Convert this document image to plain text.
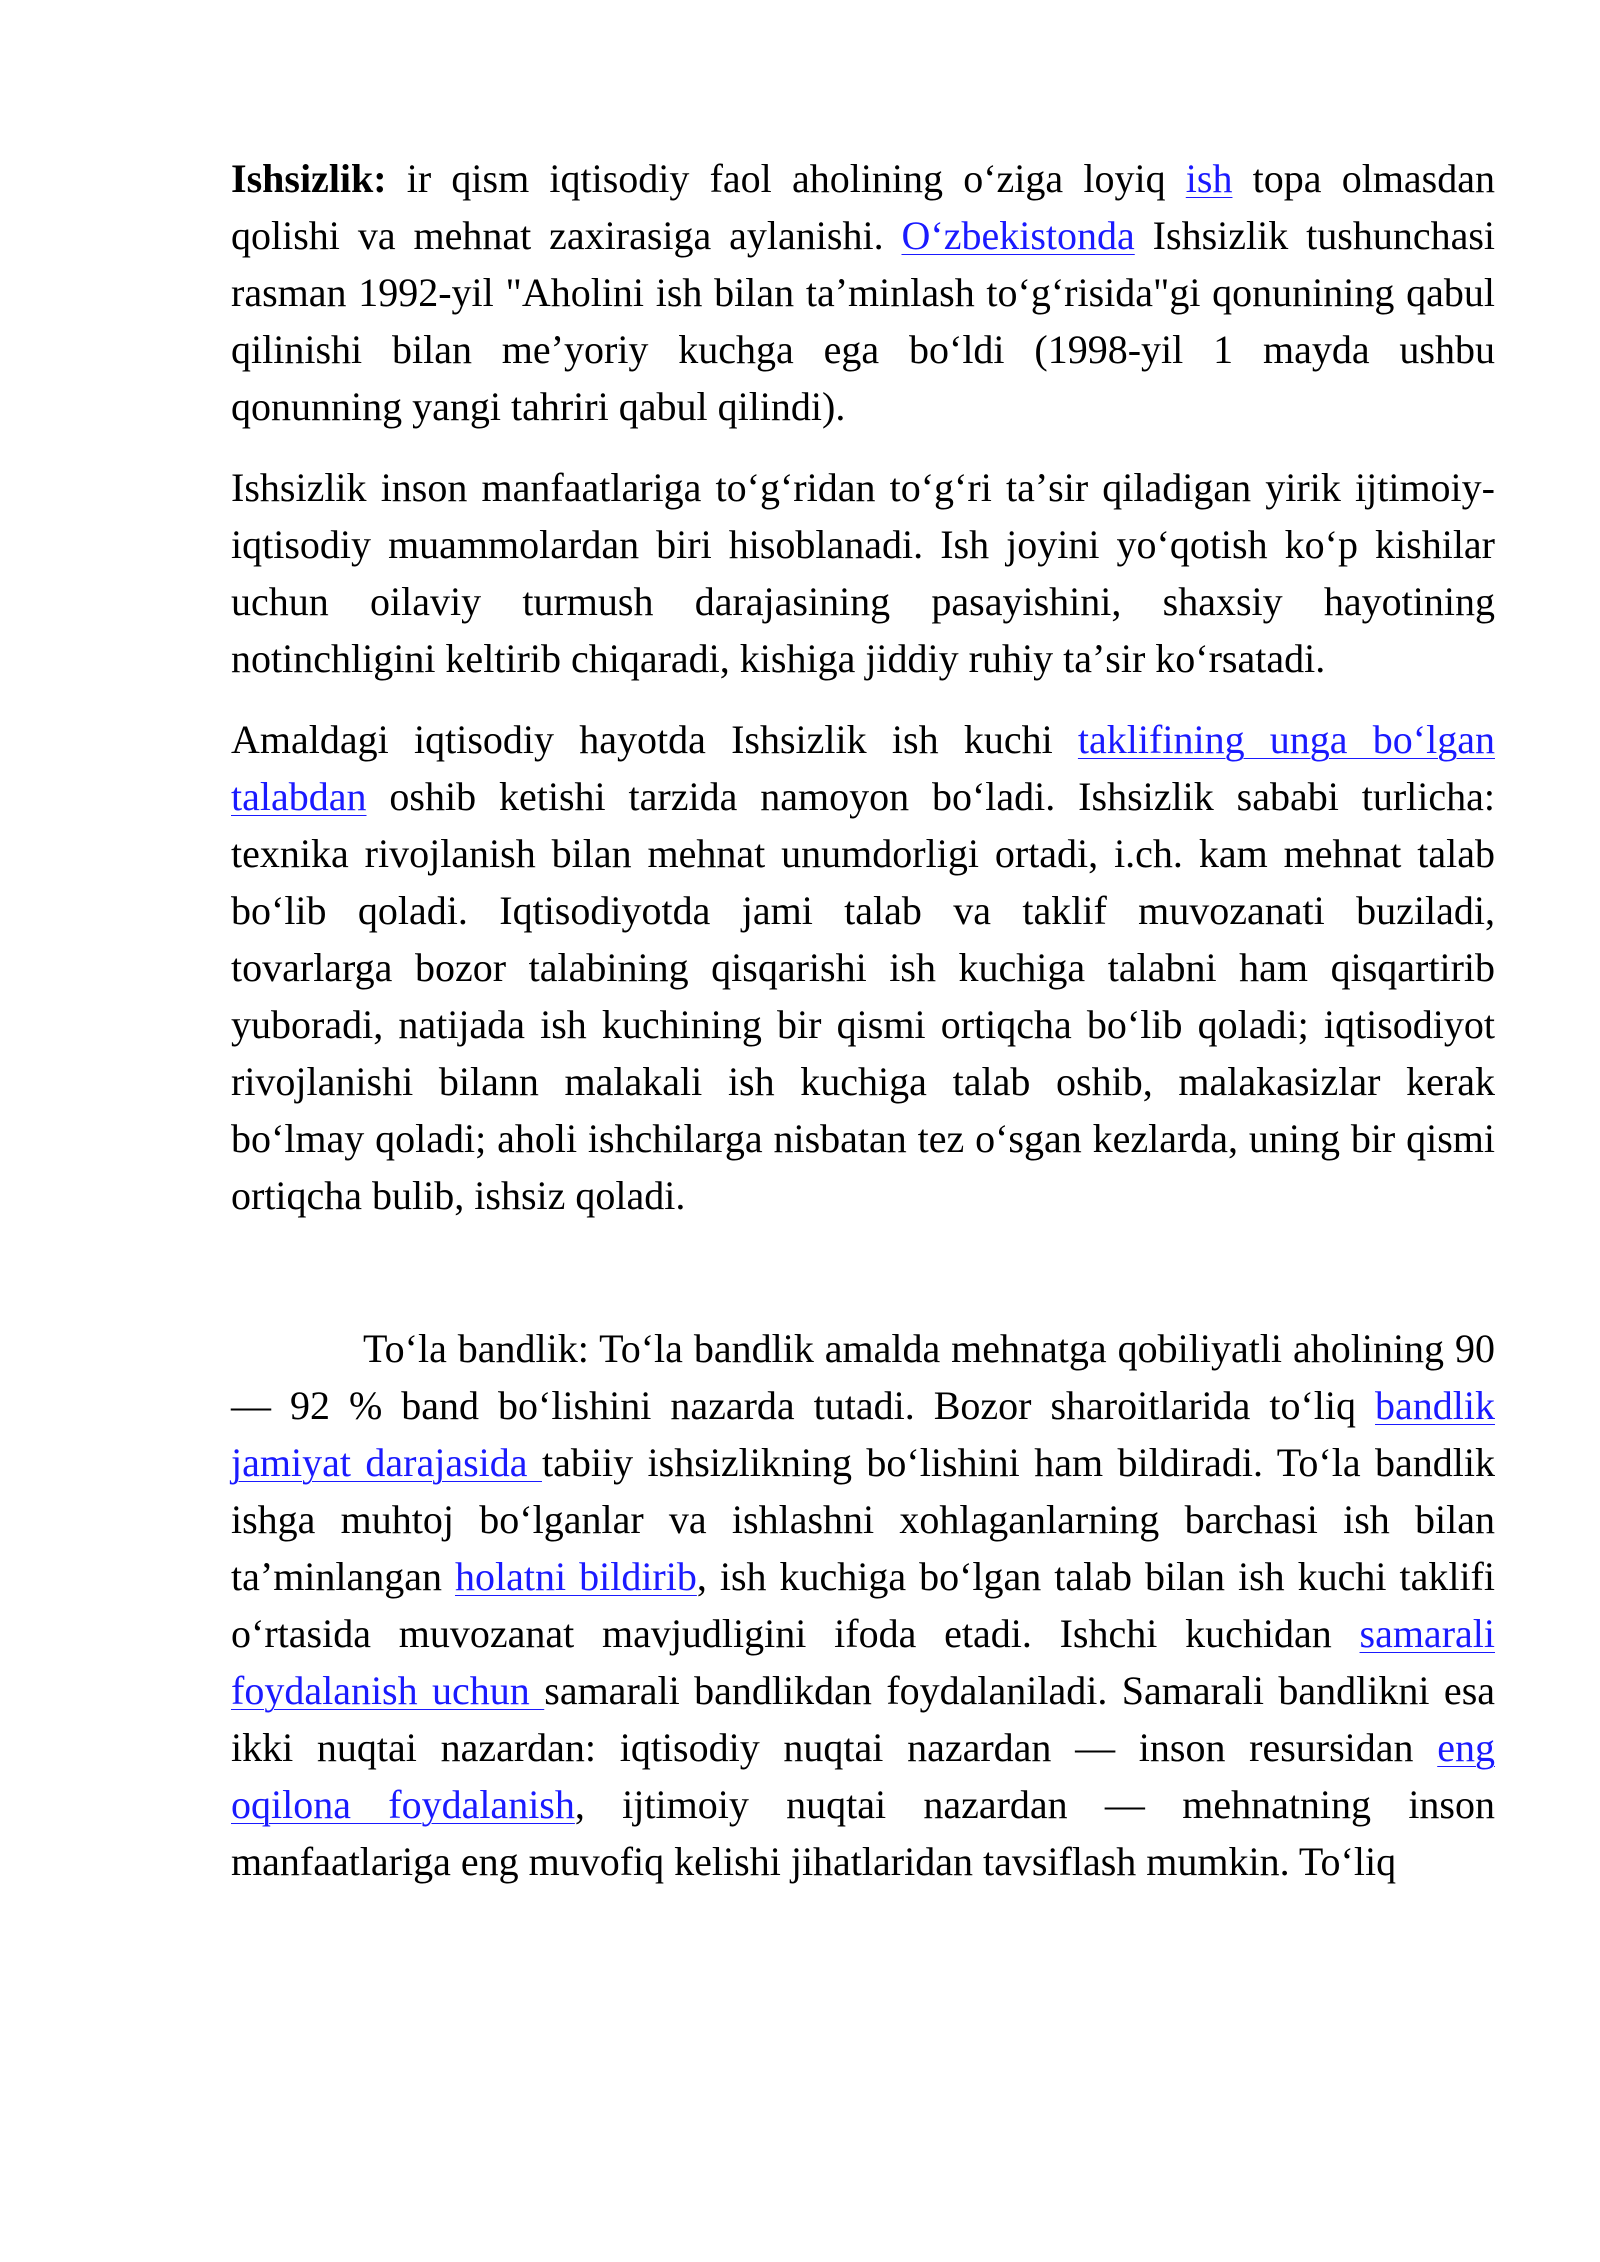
Ishsizlik: ir qism iqtisodiy faol aholining oʻziga loyiq ish topa olmasdan qolishi va mehnat zaxirasiga aylanishi. Oʻzbekistonda Ishsizlik tushunchasi rasman 1992-yil "Aholini ish bilan taʼminlash toʻgʻrisida"gi qonunining qabul qilinishi bilan meʼyoriy kuchga ega boʻldi (1998-yil 1 mayda ushbu qonunning yangi tahriri qabul qilindi).

Ishsizlik inson manfaatlariga toʻgʻridan toʻgʻri taʼsir qiladigan yirik ijtimoiy-iqtisodiy muammolardan biri hisoblanadi. Ish joyini yoʻqotish koʻp kishilar uchun oilaviy turmush darajasining pasayishini, shaxsiy hayotining notinchligini keltirib chiqaradi, kishiga jiddiy ruhiy taʼsir koʻrsatadi.

Amaldagi iqtisodiy hayotda Ishsizlik ish kuchi taklifining unga boʻlgan talabdan oshib ketishi tarzida namoyon boʻladi. Ishsizlik sababi turlicha: texnika rivojlanish bilan mehnat unumdorligi ortadi, i.ch. kam mehnat talab boʻlib qoladi. Iqtisodiyotda jami talab va taklif muvozanati buziladi, tovarlarga bozor talabining qisqarishi ish kuchiga talabni ham qisqartirib yuboradi, natijada ish kuchining bir qismi ortiqcha boʻlib qoladi; iqtisodiyot rivojlanishi bilann malakali ish kuchiga talab oshib, malakasizlar kerak boʻlmay qoladi; aholi ishchilarga nisbatan tez oʻsgan kezlarda, uning bir qismi ortiqcha bulib, ishsiz qoladi.

Toʻla bandlik: Toʻla bandlik amalda mehnatga qobiliyatli aholining 90 — 92 % band boʻlishini nazarda tutadi. Bozor sharoitlarida toʻliq bandlik jamiyat darajasida tabiiy ishsizlikning boʻlishini ham bildiradi. Toʻla bandlik ishga muhtoj boʻlganlar va ishlashni xohlaganlarning barchasi ish bilan taʼminlangan holatni bildirib, ish kuchiga boʻlgan talab bilan ish kuchi taklifi oʻrtasida muvozanat mavjudligini ifoda etadi. Ishchi kuchidan samarali foydalanish uchun samarali bandlikdan foydalaniladi. Samarali bandlikni esa ikki nuqtai nazardan: iqtisodiy nuqtai nazardan — inson resursidan eng oqilona foydalanish, ijtimoiy nuqtai nazardan — mehnatning inson manfaatlariga eng muvofiq kelishi jihatlaridan tavsiflash mumkin. Toʻliq
